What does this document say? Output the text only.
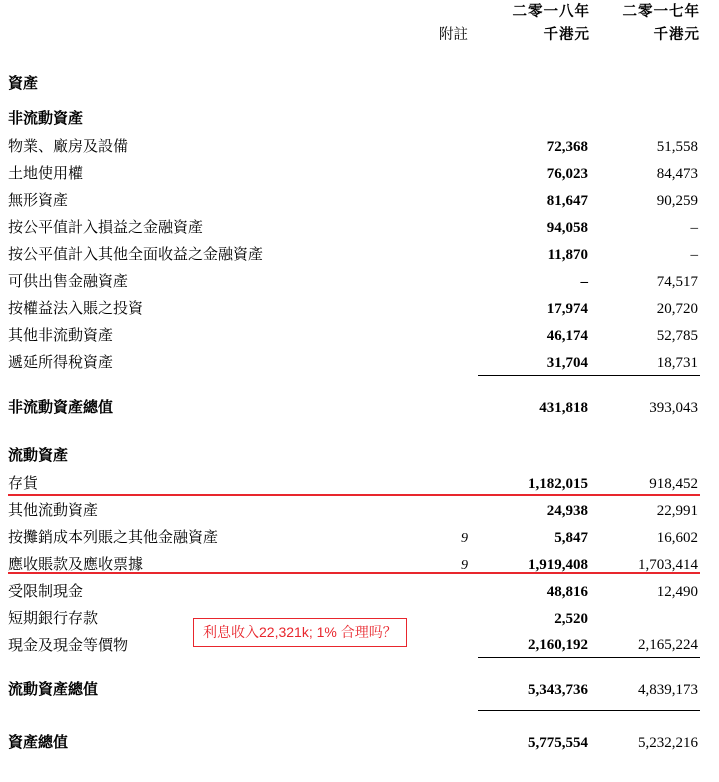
		二零一八年	二零一七年
	附註	千港元	千港元

資產			
非流動資產			
物業、廠房及設備		72,368	51,558
土地使用權		76,023	84,473
無形資產		81,647	90,259
按公平值計入損益之金融資產		94,058	–
按公平值計入其他全面收益之金融資產		11,870	–
可供出售金融資產		–	74,517
按權益法入賬之投資		17,974	20,720
其他非流動資產		46,174	52,785
遞延所得稅資產		31,704	18,731

非流動資產總值		431,818	393,043

流動資產			
存貨		1,182,015	918,452
其他流動資產		24,938	22,991
按攤銷成本列賬之其他金融資產	9	5,847	16,602
應收賬款及應收票據	9	1,919,408	1,703,414
受限制現金		48,816	12,490
短期銀行存款		2,520	
現金及現金等價物		2,160,192	2,165,224

流動資產總值		5,343,736	4,839,173

資產總值		5,775,554	5,232,216
利息收入22,321k; 1% 合理吗？
